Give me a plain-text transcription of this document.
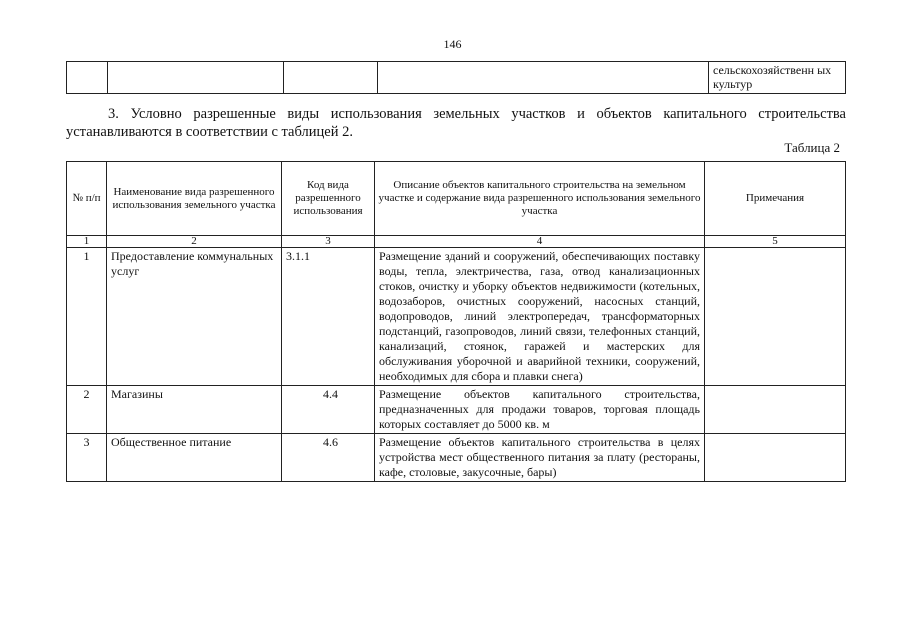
146
				сельскохозяйственн ых культур

3. Условно разрешенные виды использования земельных участков и объектов капитального строительства устанавливаются в соответствии с таблицей 2.

Таблица 2
№ п/п	Наименование вида разрешенного использования земельного участка	Код вида разрешенного использования	Описание объектов капитального строительства на земельном участке и содержание вида разрешенного использования земельного участка	Примечания
1	2	3	4	5
1	Предоставление коммунальных услуг	3.1.1	Размещение зданий и сооружений, обеспечивающих поставку воды, тепла, электричества, газа, отвод канализационных стоков, очистку и уборку объектов недвижимости (котельных, водозаборов, очистных сооружений, насосных станций, водопроводов, линий электропередач, трансформаторных подстанций, газопроводов, линий связи, телефонных станций, канализаций, стоянок, гаражей и мастерских для обслуживания уборочной и аварийной техники, сооружений, необходимых для сбора и плавки снега)	
2	Магазины	4.4	Размещение объектов капитального строительства, предназначенных для продажи товаров, торговая площадь которых составляет до 5000 кв. м	
3	Общественное питание	4.6	Размещение объектов капитального строительства в целях устройства мест общественного питания за плату (рестораны, кафе, столовые, закусочные, бары)	
